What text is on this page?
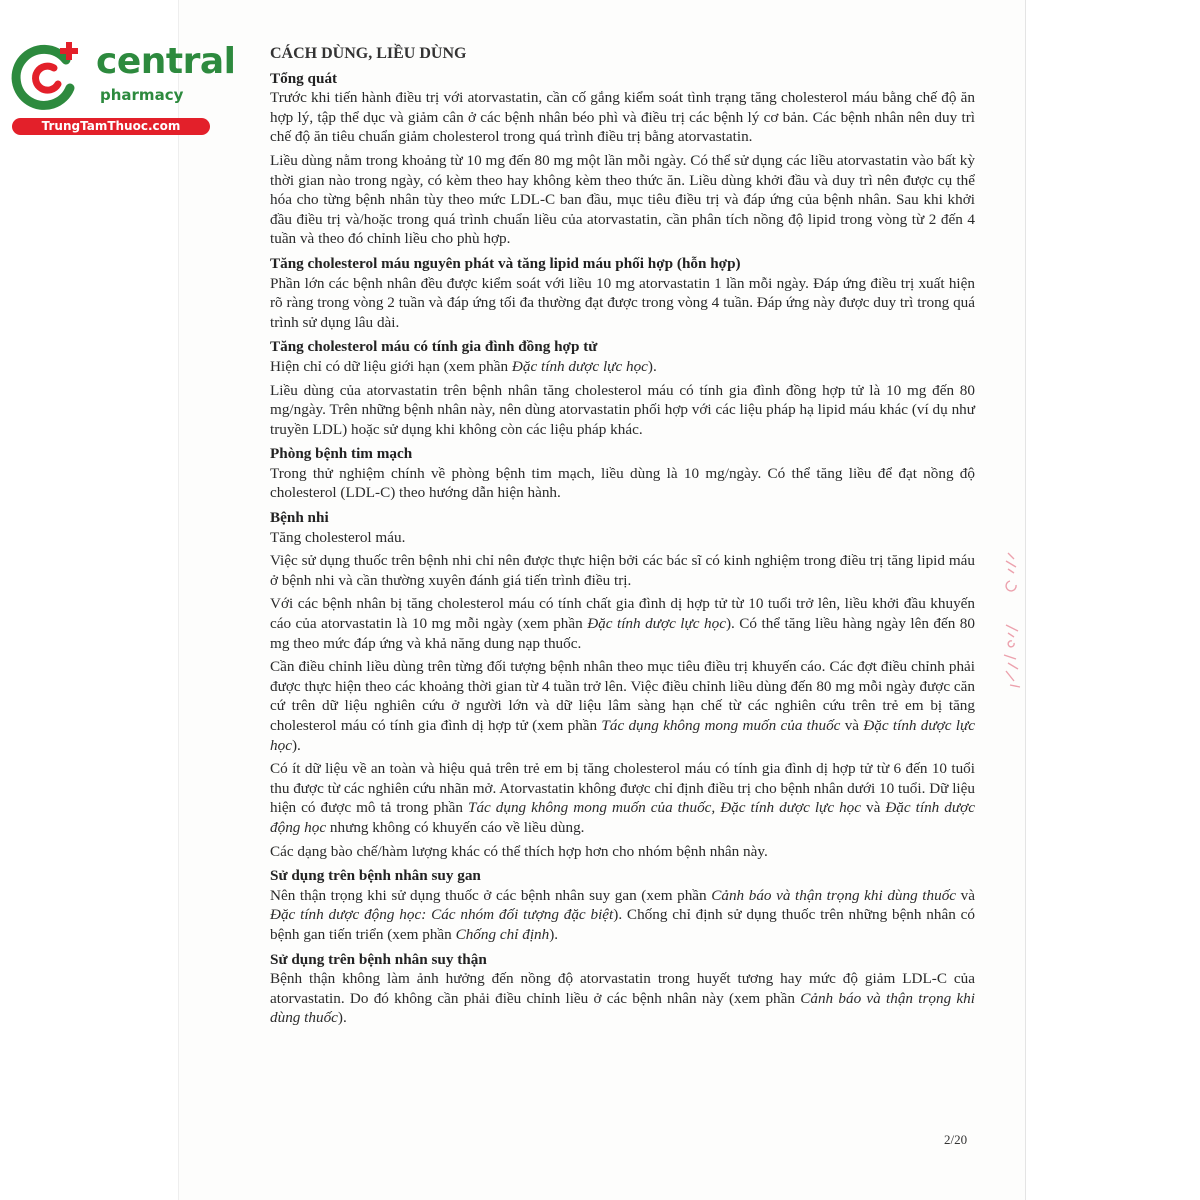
central
pharmacy
TrungTamThuoc.com
CÁCH DÙNG, LIỀU DÙNG
Tổng quát

Trước khi tiến hành điều trị với atorvastatin, cần cố gắng kiểm soát tình trạng tăng cholesterol máu bằng chế độ ăn hợp lý, tập thể dục và giảm cân ở các bệnh nhân béo phì và điều trị các bệnh lý cơ bản. Các bệnh nhân nên duy trì chế độ ăn tiêu chuẩn giảm cholesterol trong quá trình điều trị bằng atorvastatin.

Liều dùng nằm trong khoảng từ 10 mg đến 80 mg một lần mỗi ngày. Có thể sử dụng các liều atorvastatin vào bất kỳ thời gian nào trong ngày, có kèm theo hay không kèm theo thức ăn. Liều dùng khởi đầu và duy trì nên được cụ thể hóa cho từng bệnh nhân tùy theo mức LDL-C ban đầu, mục tiêu điều trị và đáp ứng của bệnh nhân. Sau khi khởi đầu điều trị và/hoặc trong quá trình chuẩn liều của atorvastatin, cần phân tích nồng độ lipid trong vòng từ 2 đến 4 tuần và theo đó chỉnh liều cho phù hợp.

Tăng cholesterol máu nguyên phát và tăng lipid máu phối hợp (hỗn hợp)

Phần lớn các bệnh nhân đều được kiểm soát với liều 10 mg atorvastatin 1 lần mỗi ngày. Đáp ứng điều trị xuất hiện rõ ràng trong vòng 2 tuần và đáp ứng tối đa thường đạt được trong vòng 4 tuần. Đáp ứng này được duy trì trong quá trình sử dụng lâu dài.

Tăng cholesterol máu có tính gia đình đồng hợp tử

Hiện chỉ có dữ liệu giới hạn (xem phần Đặc tính dược lực học).

Liều dùng của atorvastatin trên bệnh nhân tăng cholesterol máu có tính gia đình đồng hợp tử là 10 mg đến 80 mg/ngày. Trên những bệnh nhân này, nên dùng atorvastatin phối hợp với các liệu pháp hạ lipid máu khác (ví dụ như truyền LDL) hoặc sử dụng khi không còn các liệu pháp khác.

Phòng bệnh tim mạch

Trong thử nghiệm chính về phòng bệnh tim mạch, liều dùng là 10 mg/ngày. Có thể tăng liều để đạt nồng độ cholesterol (LDL-C) theo hướng dẫn hiện hành.

Bệnh nhi

Tăng cholesterol máu.

Việc sử dụng thuốc trên bệnh nhi chỉ nên được thực hiện bởi các bác sĩ có kinh nghiệm trong điều trị tăng lipid máu ở bệnh nhi và cần thường xuyên đánh giá tiến trình điều trị.

Với các bệnh nhân bị tăng cholesterol máu có tính chất gia đình dị hợp tử từ 10 tuổi trở lên, liều khởi đầu khuyến cáo của atorvastatin là 10 mg mỗi ngày (xem phần Đặc tính dược lực học). Có thể tăng liều hàng ngày lên đến 80 mg theo mức đáp ứng và khả năng dung nạp thuốc.

Cần điều chỉnh liều dùng trên từng đối tượng bệnh nhân theo mục tiêu điều trị khuyến cáo. Các đợt điều chỉnh phải được thực hiện theo các khoảng thời gian từ 4 tuần trở lên. Việc điều chỉnh liều dùng đến 80 mg mỗi ngày được căn cứ trên dữ liệu nghiên cứu ở người lớn và dữ liệu lâm sàng hạn chế từ các nghiên cứu trên trẻ em bị tăng cholesterol máu có tính gia đình dị hợp tử (xem phần Tác dụng không mong muốn của thuốc và Đặc tính dược lực học).

Có ít dữ liệu về an toàn và hiệu quả trên trẻ em bị tăng cholesterol máu có tính gia đình dị hợp tử từ 6 đến 10 tuổi thu được từ các nghiên cứu nhãn mở. Atorvastatin không được chỉ định điều trị cho bệnh nhân dưới 10 tuổi. Dữ liệu hiện có được mô tả trong phần Tác dụng không mong muốn của thuốc, Đặc tính dược lực học và Đặc tính dược động học nhưng không có khuyến cáo về liều dùng.

Các dạng bào chế/hàm lượng khác có thể thích hợp hơn cho nhóm bệnh nhân này.

Sử dụng trên bệnh nhân suy gan

Nên thận trọng khi sử dụng thuốc ở các bệnh nhân suy gan (xem phần Cảnh báo và thận trọng khi dùng thuốc và Đặc tính dược động học: Các nhóm đối tượng đặc biệt). Chống chỉ định sử dụng thuốc trên những bệnh nhân có bệnh gan tiến triển (xem phần Chống chỉ định).

Sử dụng trên bệnh nhân suy thận

Bệnh thận không làm ảnh hưởng đến nồng độ atorvastatin trong huyết tương hay mức độ giảm LDL-C của atorvastatin. Do đó không cần phải điều chỉnh liều ở các bệnh nhân này (xem phần Cảnh báo và thận trọng khi dùng thuốc).

2/20
